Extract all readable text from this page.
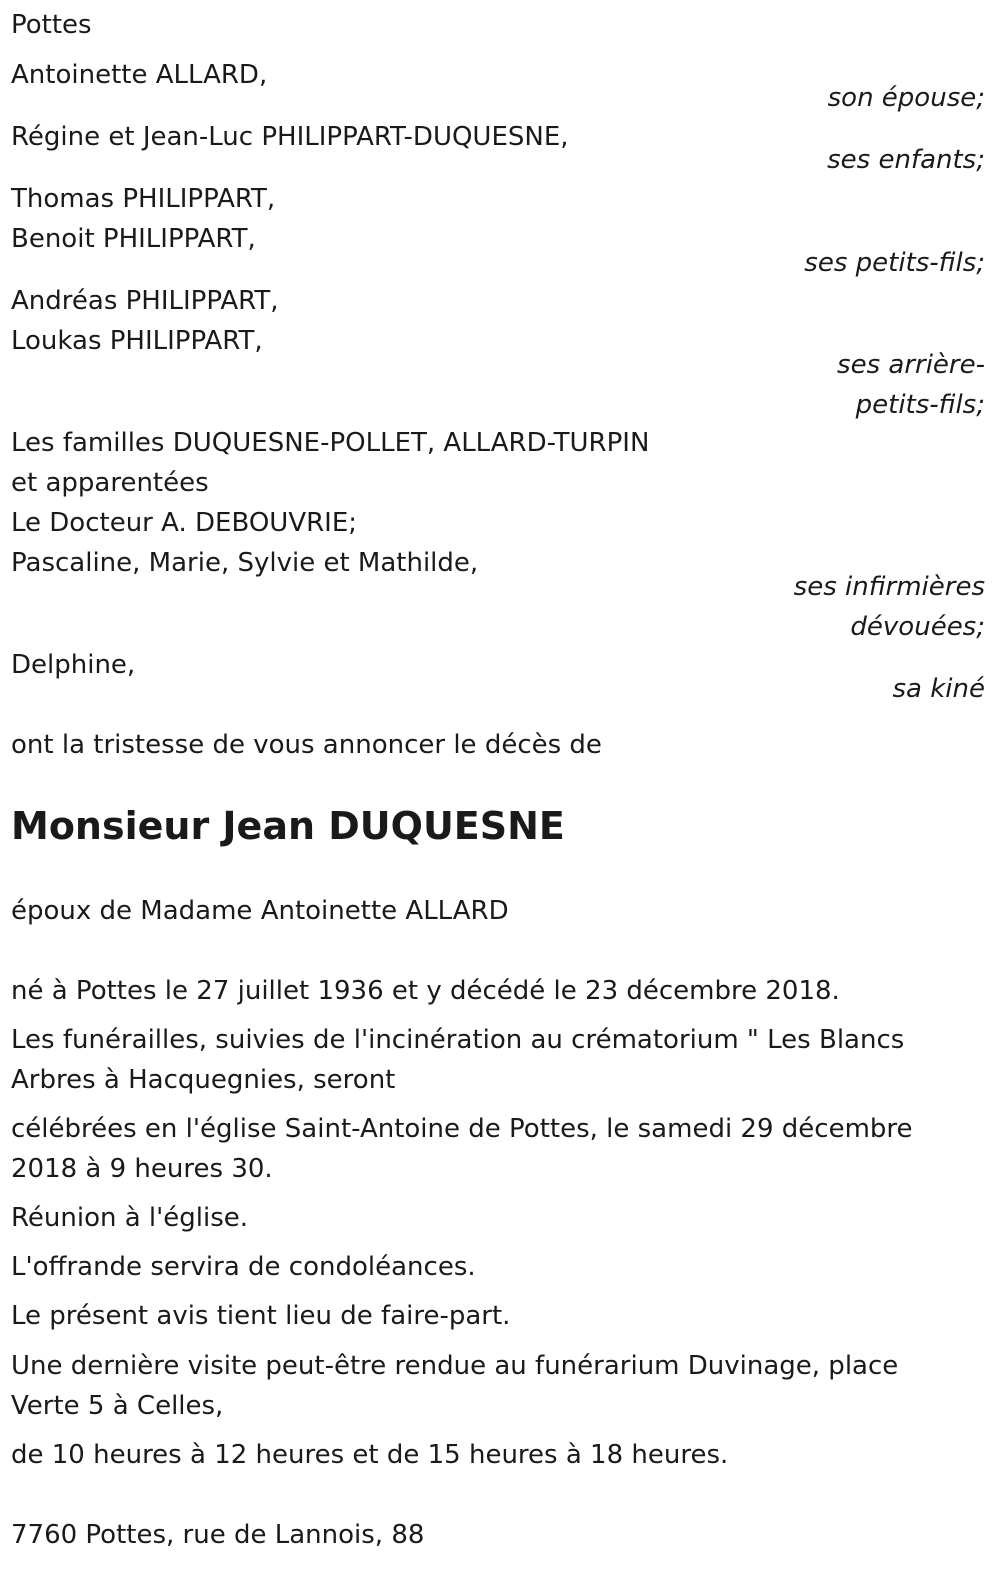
Pottes
Antoinette ALLARD,
son épouse;
Régine et Jean-Luc PHILIPPART-DUQUESNE,
ses enfants;
Thomas PHILIPPART,
Benoit PHILIPPART,
ses petits-fils;
Andréas PHILIPPART,
Loukas PHILIPPART,
ses arrière-
petits-fils;
Les familles DUQUESNE-POLLET, ALLARD-TURPIN
et apparentées
Le Docteur A. DEBOUVRIE;
Pascaline, Marie, Sylvie et Mathilde,
ses infirmières
dévouées;
Delphine,
sa kiné
ont la tristesse de vous annoncer le décès de
Monsieur Jean DUQUESNE
époux de Madame Antoinette ALLARD
né à Pottes le 27 juillet 1936 et y décédé le 23 décembre 2018.
Les funérailles, suivies de l'incinération au crématorium " Les Blancs
Arbres à Hacquegnies, seront
célébrées en l'église Saint-Antoine de Pottes, le samedi 29 décembre
2018 à 9 heures 30.
Réunion à l'église.
L'offrande servira de condoléances.
Le présent avis tient lieu de faire-part.
Une dernière visite peut-être rendue au funérarium Duvinage, place
Verte 5 à Celles,
de 10 heures à 12 heures et de 15 heures à 18 heures.
7760 Pottes, rue de Lannois, 88
